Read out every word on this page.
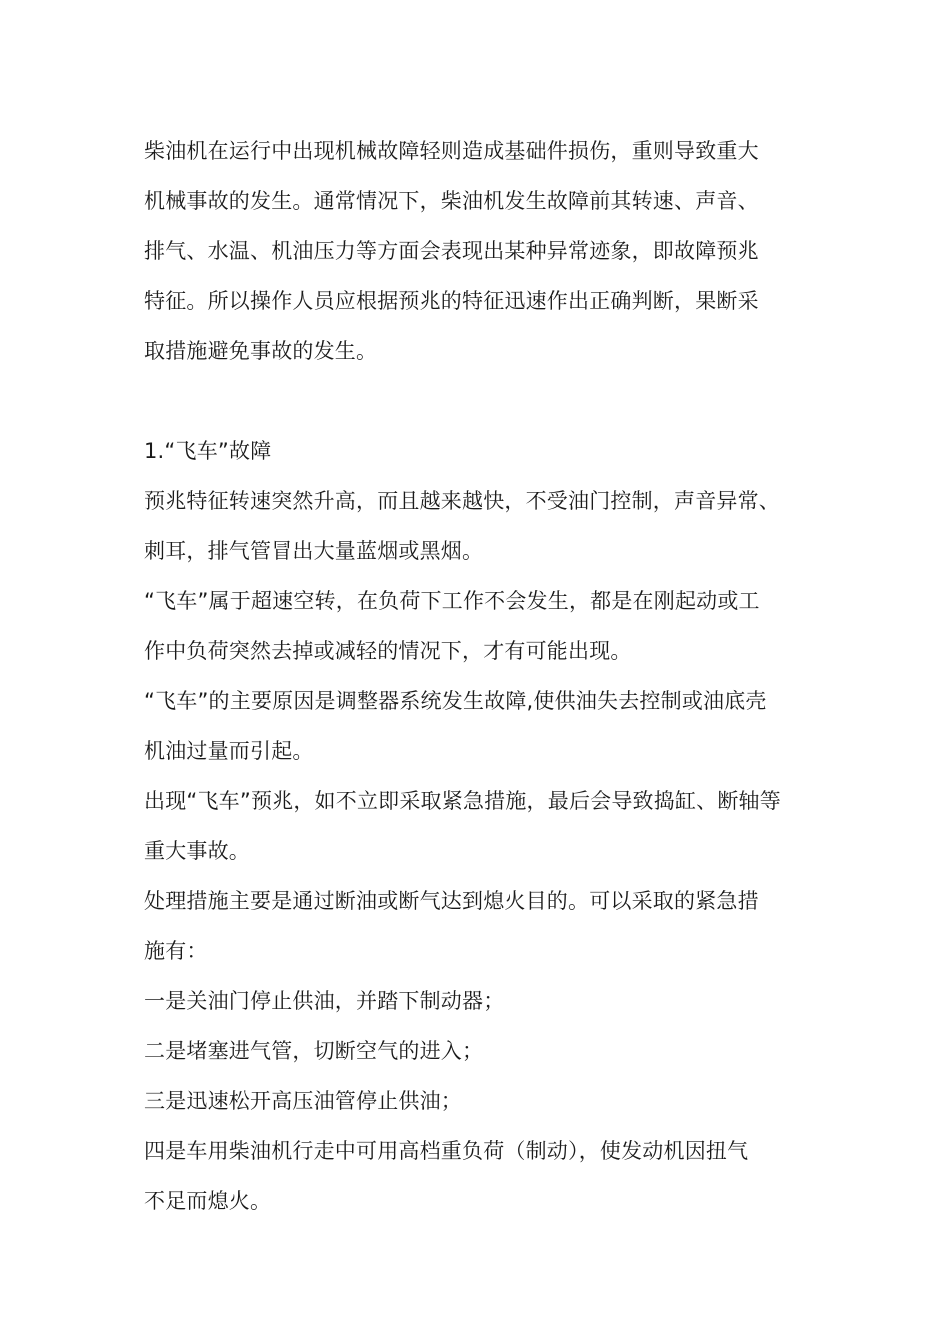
柴油机在运行中出现机械故障轻则造成基础件损伤，重则导致重大
机械事故的发生。通常情况下，柴油机发生故障前其转速、声音、
排气、水温、机油压力等方面会表现出某种异常迹象，即故障预兆
特征。所以操作人员应根据预兆的特征迅速作出正确判断，果断采
取措施避免事故的发生。
1.“飞车”故障
预兆特征转速突然升高，而且越来越快，不受油门控制，声音异常、
刺耳，排气管冒出大量蓝烟或黑烟。
“飞车”属于超速空转，在负荷下工作不会发生，都是在刚起动或工
作中负荷突然去掉或减轻的情况下，才有可能出现。
“飞车”的主要原因是调整器系统发生故障,使供油失去控制或油底壳
机油过量而引起。
出现“飞车”预兆，如不立即采取紧急措施，最后会导致捣缸、断轴等
重大事故。
处理措施主要是通过断油或断气达到熄火目的。可以采取的紧急措
施有：
一是关油门停止供油，并踏下制动器；
二是堵塞进气管，切断空气的进入；
三是迅速松开高压油管停止供油；
四是车用柴油机行走中可用高档重负荷（制动），使发动机因扭气
不足而熄火。
